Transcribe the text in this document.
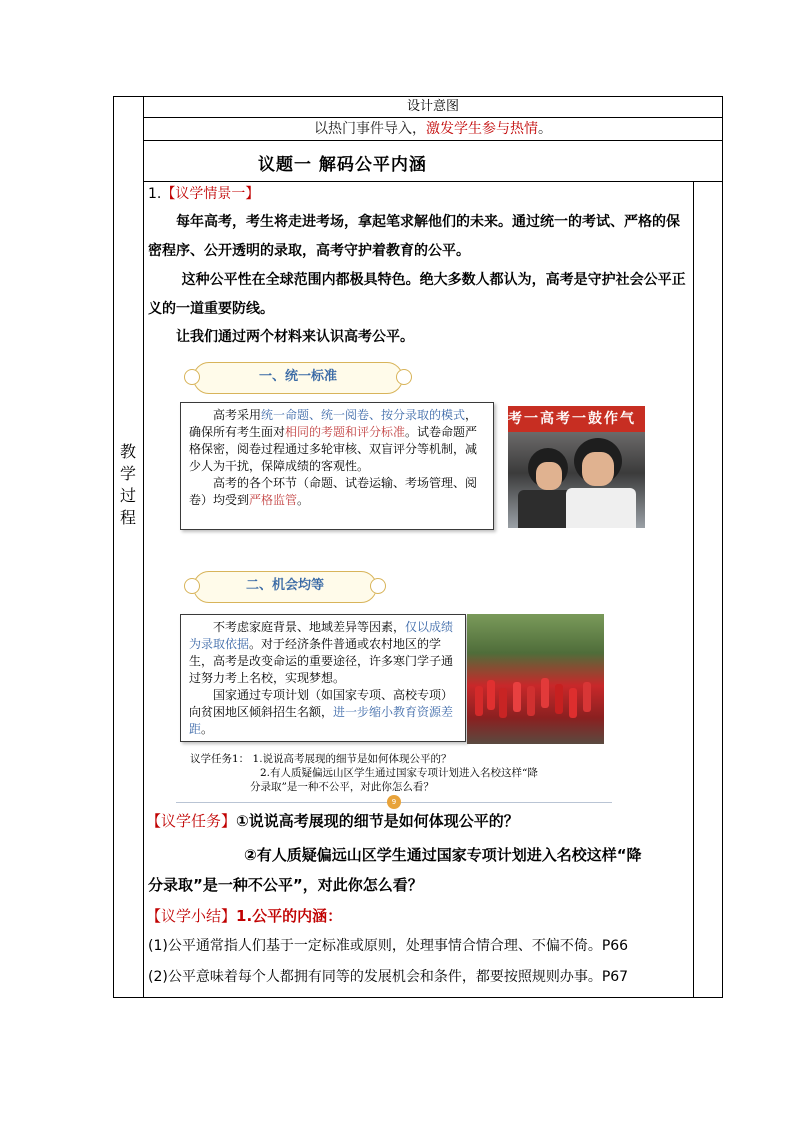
教
学
过
程
设计意图
以热门事件导入，激发学生参与热情。
议题一 解码公平内涵
1.【议学情景一】
每年高考，考生将走进考场，拿起笔求解他们的未来。通过统一的考试、严格的保密程序、公开透明的录取，高考守护着教育的公平。
这种公平性在全球范围内都极具特色。绝大多数人都认为，高考是守护社会公平正义的一道重要防线。
让我们通过两个材料来认识高考公平。
一、统一标准

高考采用统一命题、统一阅卷、按分录取的模式，确保所有考生面对相同的考题和评分标准。试卷命题严格保密，阅卷过程通过多轮审核、双盲评分等机制，减少人为干扰，保障成绩的客观性。

高考的各个环节（命题、试卷运输、考场管理、阅卷）均受到严格监管。

考一高考一鼓作气
二、机会均等

不考虑家庭背景、地域差异等因素，仅以成绩为录取依据。对于经济条件普通或农村地区的学生，高考是改变命运的重要途径，许多寒门学子通过努力考上名校，实现梦想。

国家通过专项计划（如国家专项、高校专项）向贫困地区倾斜招生名额，进一步缩小教育资源差距。

议学任务1： 1.说说高考展现的细节是如何体现公平的？
2.有人质疑偏远山区学生通过国家专项计划进入名校这样“降
分录取”是一种不公平，对此你怎么看？
9
【议学任务】①说说高考展现的细节是如何体现公平的？
②有人质疑偏远山区学生通过国家专项计划进入名校这样“降
分录取”是一种不公平”，对此你怎么看？
【议学小结】1.公平的内涵：
(1)公平通常指人们基于一定标准或原则，处理事情合情合理、不偏不倚。P66
(2)公平意味着每个人都拥有同等的发展机会和条件，都要按照规则办事。P67
